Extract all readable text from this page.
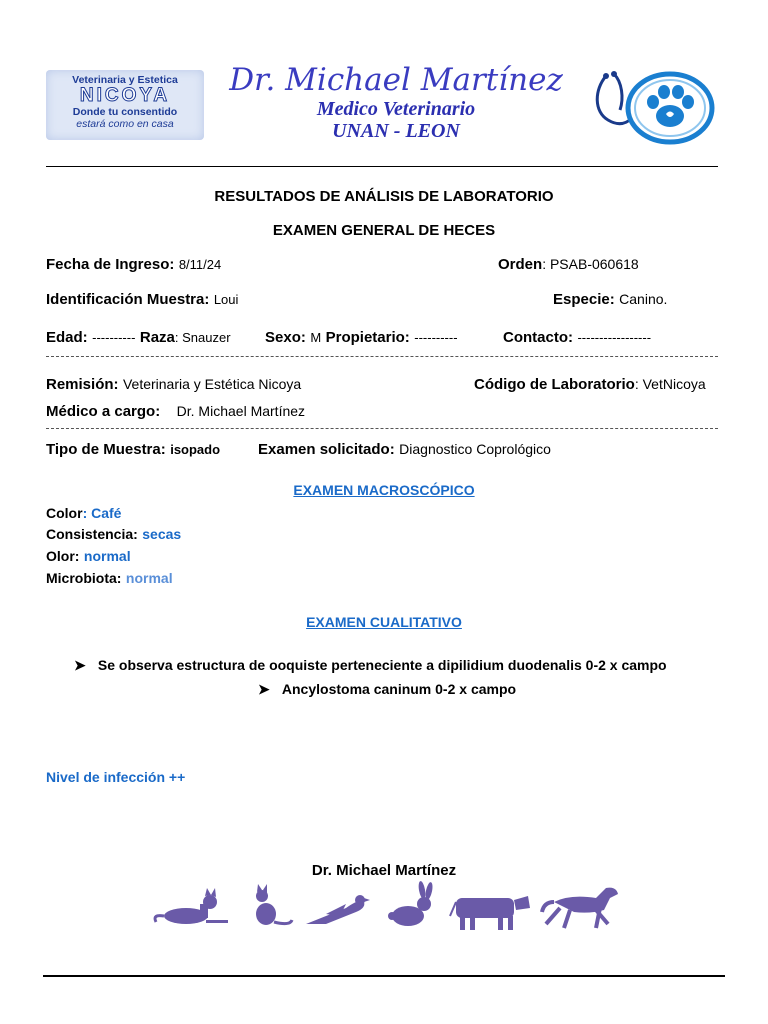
Veterinaria y Estetica
NICOYA
Donde tu consentido
estará como en casa
Dr. Michael Martínez
Medico Veterinario
UNAN - LEON
RESULTADOS DE ANÁLISIS DE LABORATORIO
EXAMEN GENERAL DE HECES
Fecha de Ingreso: 8/11/24	Orden: PSAB-060618
Identificación Muestra: Loui	Especie: Canino.
Edad: ---------- Raza: Snauzer Sexo: M Propietario: ----------	Contacto: -----------------
Remisión: Veterinaria y Estética Nicoya	Código de Laboratorio: VetNicoya
Médico a cargo: Dr. Michael Martínez
Tipo de Muestra: isopado	Examen solicitado: Diagnostico Coprológico
EXAMEN MACROSCÓPICO
Color: Café
Consistencia: secas
Olor: normal
Microbiota: normal
EXAMEN CUALITATIVO
➤ Se observa estructura de ooquiste perteneciente a dipilidium duodenalis 0-2 x campo
➤ Ancylostoma caninum 0-2 x campo
Nivel de infección ++
Dr. Michael Martínez
